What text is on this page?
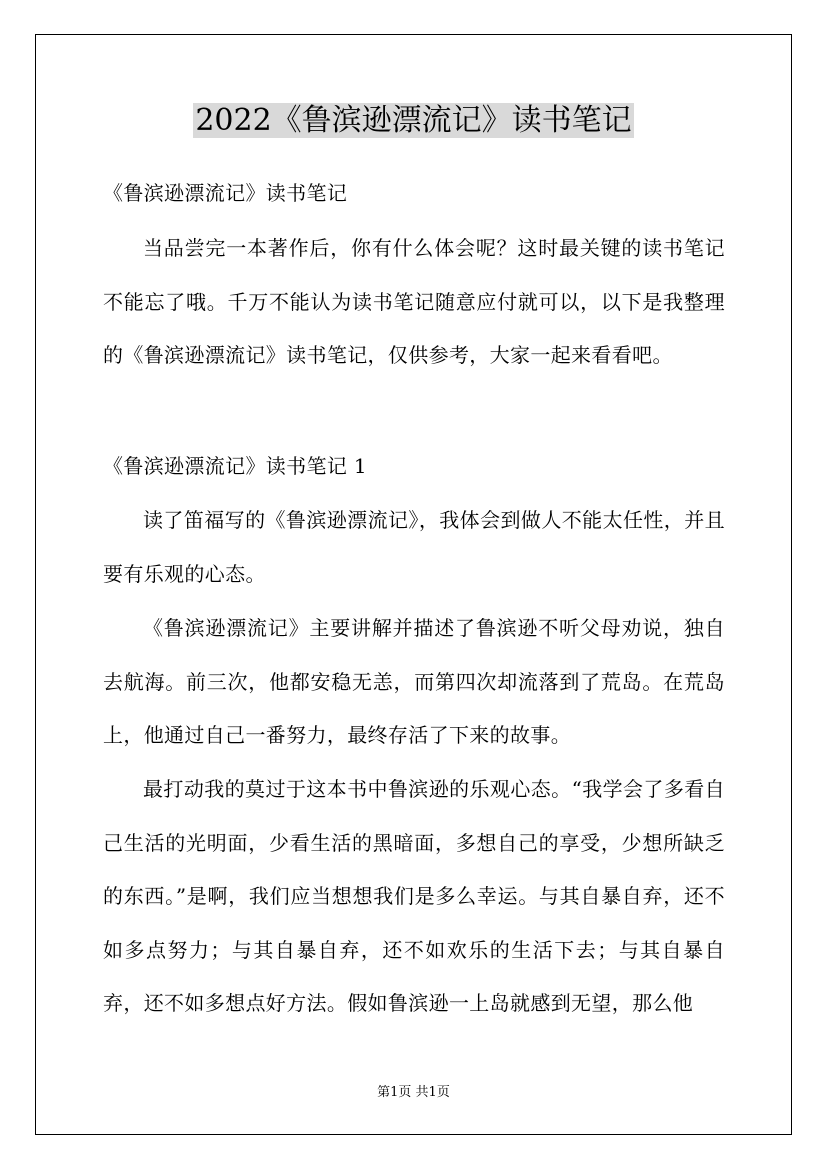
2022《鲁滨逊漂流记》读书笔记

《鲁滨逊漂流记》读书笔记

当品尝完一本著作后，你有什么体会呢？这时最关键的读书笔记不能忘了哦。千万不能认为读书笔记随意应付就可以，以下是我整理的《鲁滨逊漂流记》读书笔记，仅供参考，大家一起来看看吧。

《鲁滨逊漂流记》读书笔记 1

读了笛福写的《鲁滨逊漂流记》，我体会到做人不能太任性，并且要有乐观的心态。

《鲁滨逊漂流记》主要讲解并描述了鲁滨逊不听父母劝说，独自去航海。前三次，他都安稳无恙，而第四次却流落到了荒岛。在荒岛上，他通过自己一番努力，最终存活了下来的故事。

最打动我的莫过于这本书中鲁滨逊的乐观心态。“我学会了多看自己生活的光明面，少看生活的黑暗面，多想自己的享受，少想所缺乏的东西。”是啊，我们应当想想我们是多么幸运。与其自暴自弃，还不如多点努力；与其自暴自弃，还不如欢乐的生活下去；与其自暴自弃，还不如多想点好方法。假如鲁滨逊一上岛就感到无望，那么他

第1页 共1页
